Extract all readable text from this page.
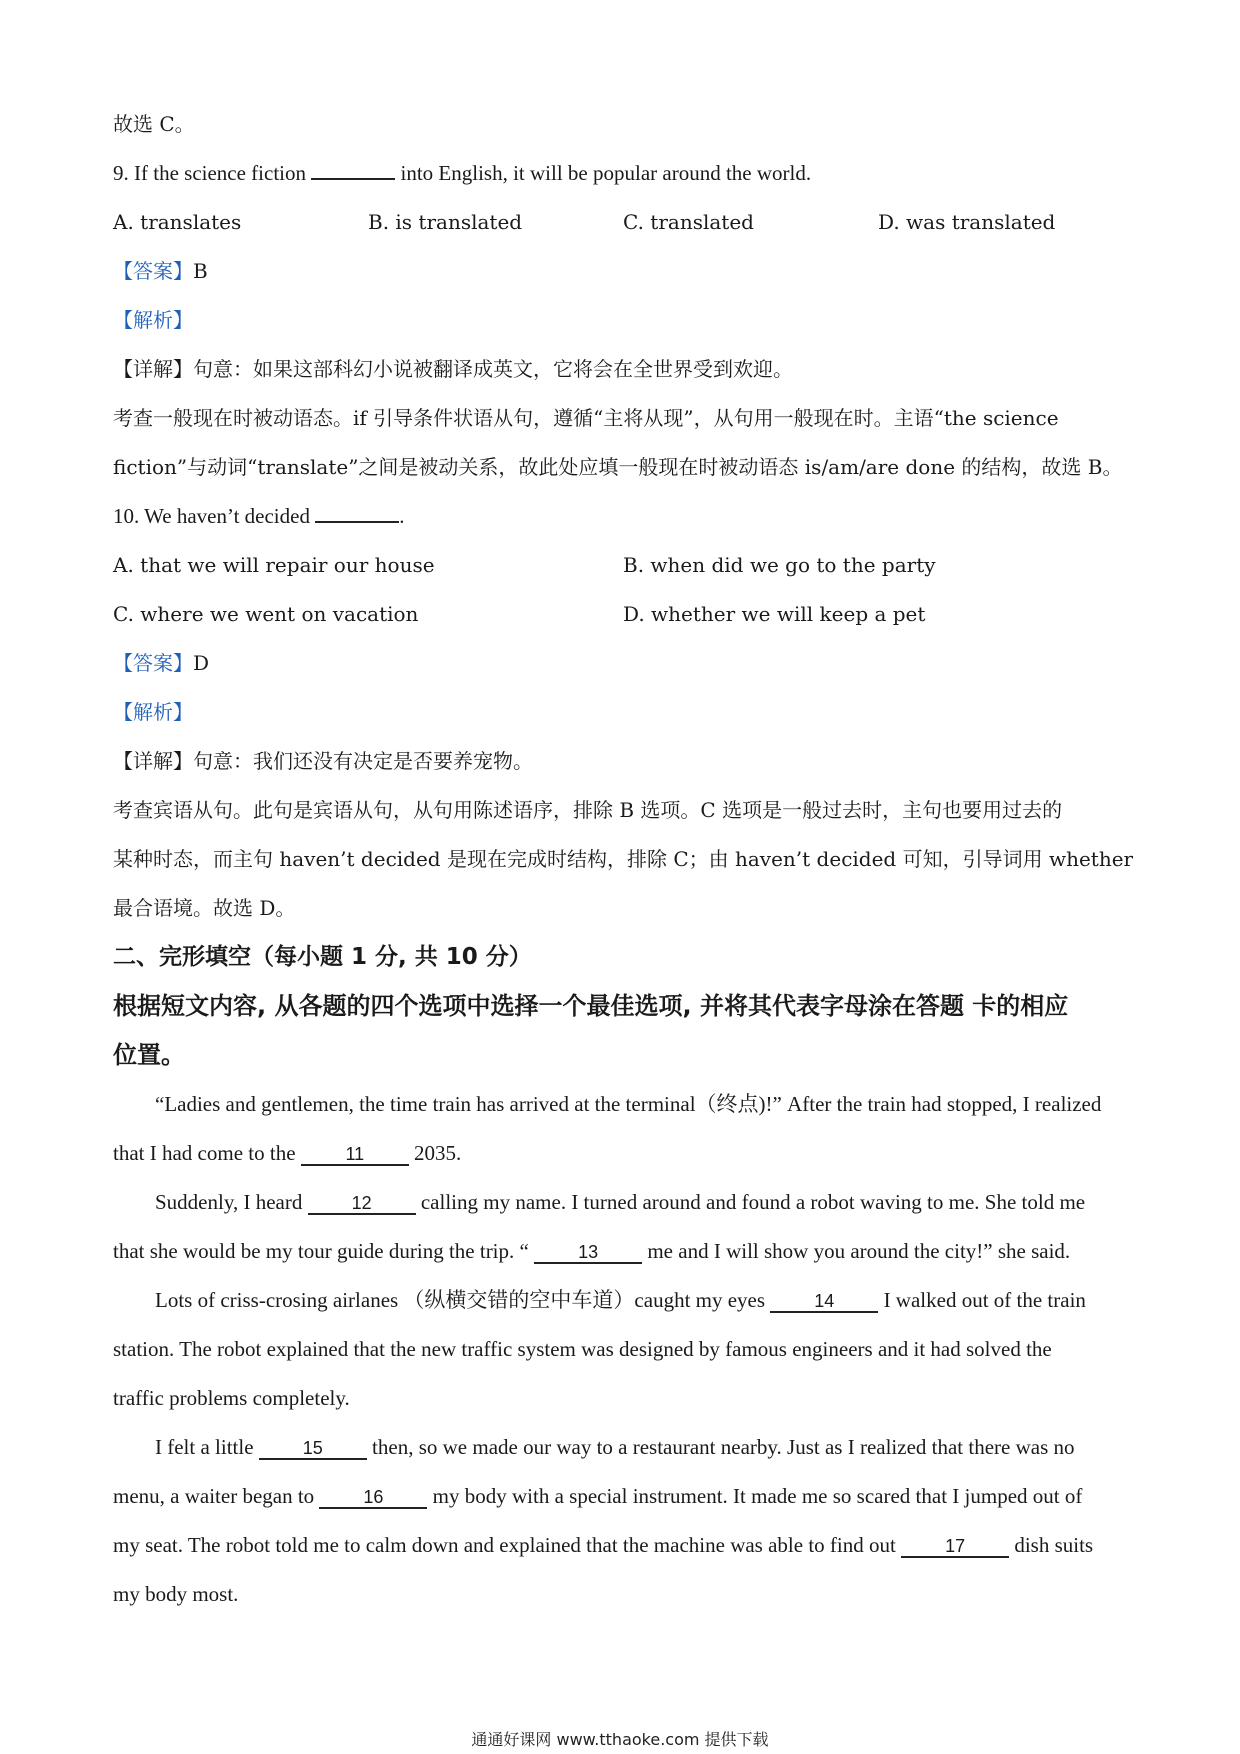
故选 C。
9. If the science fiction	into English, it will be popular around the world.
A. translates	B. is translated	C. translated	D. was translated
【答案】B
【解析】
【详解】句意：如果这部科幻小说被翻译成英文，它将会在全世界受到欢迎。
考查一般现在时被动语态。if 引导条件状语从句，遵循“主将从现”，从句用一般现在时。主语“the science
fiction”与动词“translate”之间是被动关系，故此处应填一般现在时被动语态 is/am/are done 的结构，故选 B。
10. We haven’t decided	.
A. that we will repair our house	B. when did we go to the party
C. where we went on vacation	D. whether we will keep a pet
【答案】D
【解析】
【详解】句意：我们还没有决定是否要养宠物。
考查宾语从句。此句是宾语从句，从句用陈述语序，排除 B 选项。C 选项是一般过去时，主句也要用过去的
某种时态，而主句 haven’t decided 是现在完成时结构，排除 C；由 haven’t decided 可知，引导词用 whether
最合语境。故选 D。
二、完形填空（每小题 1 分, 共 10 分）
根据短文内容, 从各题的四个选项中选择一个最佳选项, 并将其代表字母涂在答题 卡的相应
位置。
“Ladies and gentlemen, the time train has arrived at the terminal（终点)!” After the train had stopped, I realized
that I had come to the	11 2035.
Suddenly, I heard	12 calling my name. I turned around and found a robot waving to me. She told me
that she would be my tour guide during the trip. “	13 me and I will show you around the city!” she said.
Lots of criss-crosing airlanes （纵横交错的空中车道）caught my eyes	14 I walked out of the train
station. The robot explained that the new traffic system was designed by famous engineers and it had solved the
traffic problems completely.
I felt a little	15 then, so we made our way to a restaurant nearby. Just as I realized that there was no
menu, a waiter began to	16 my body with a special instrument. It made me so scared that I jumped out of
my seat. The robot told me to calm down and explained that the machine was able to find out	17 dish suits
my body most.
通通好课网 www.tthaoke.com 提供下载
